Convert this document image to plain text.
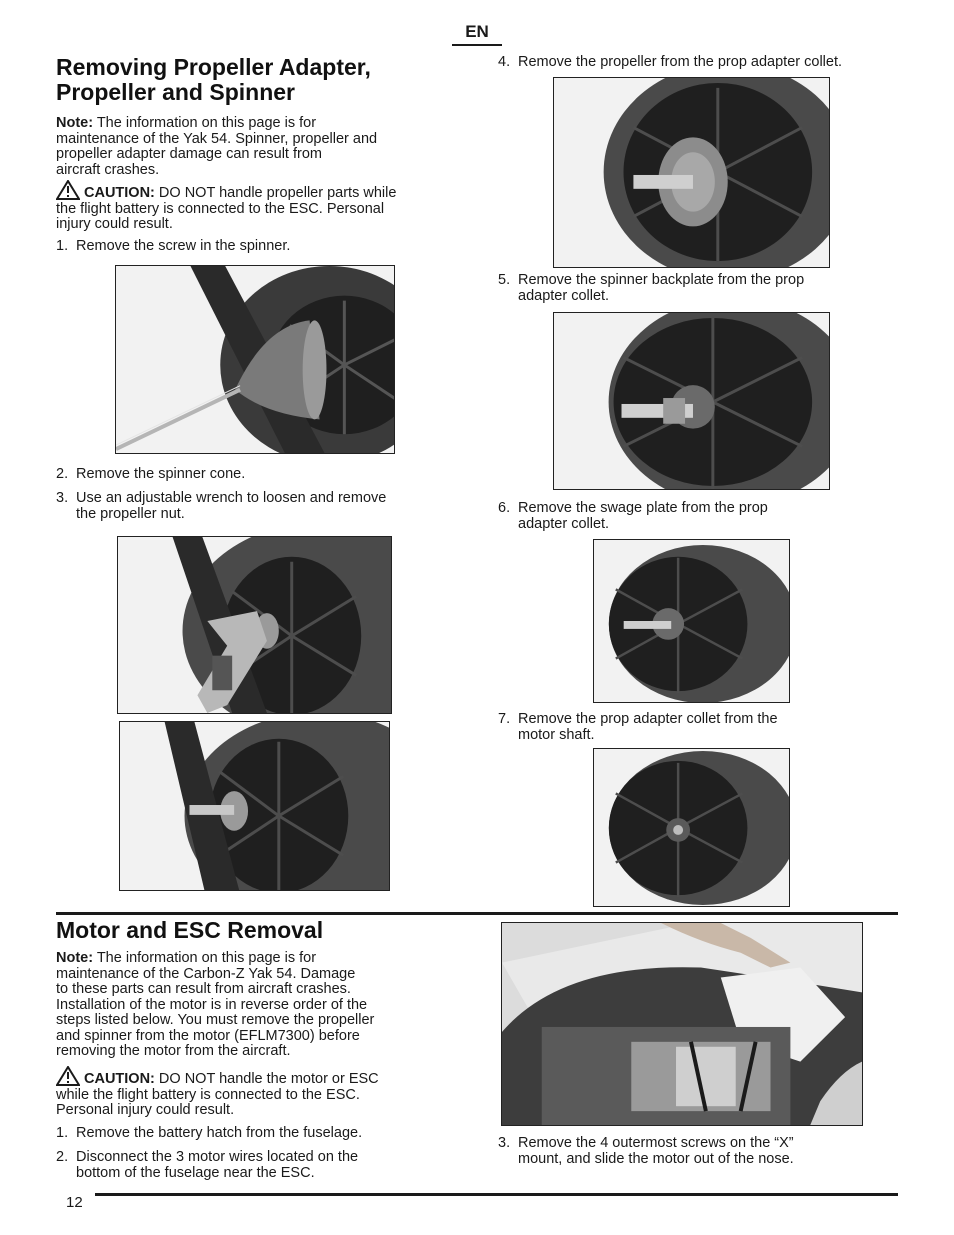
EN
Removing Propeller Adapter,
Propeller and Spinner
Note: The information on this page is for
maintenance of the Yak 54. Spinner, propeller and
propeller adapter damage can result from
aircraft crashes.
CAUTION: DO NOT handle propeller parts while
the flight battery is connected to the ESC. Personal
injury could result.
1. Remove the screw in the spinner.
2. Remove the spinner cone.
3. Use an adjustable wrench to loosen and remove
the propeller nut.
4. Remove the propeller from the prop adapter collet.
5. Remove the spinner backplate from the prop
adapter collet.
6. Remove the swage plate from the prop
adapter collet.
7. Remove the prop adapter collet from the
motor shaft.
Motor and ESC Removal
Note: The information on this page is for
maintenance of the Carbon-Z Yak 54. Damage
to these parts can result from aircraft crashes.
Installation of the motor is in reverse order of the
steps listed below. You must remove the propeller
and spinner from the motor (EFLM7300) before
removing the motor from the aircraft.
CAUTION: DO NOT handle the motor or ESC
while the flight battery is connected to the ESC.
Personal injury could result.
1. Remove the battery hatch from the fuselage.
2. Disconnect the 3 motor wires located on the
bottom of the fuselage near the ESC.
3. Remove the 4 outermost screws on the “X”
mount, and slide the motor out of the nose.
12
